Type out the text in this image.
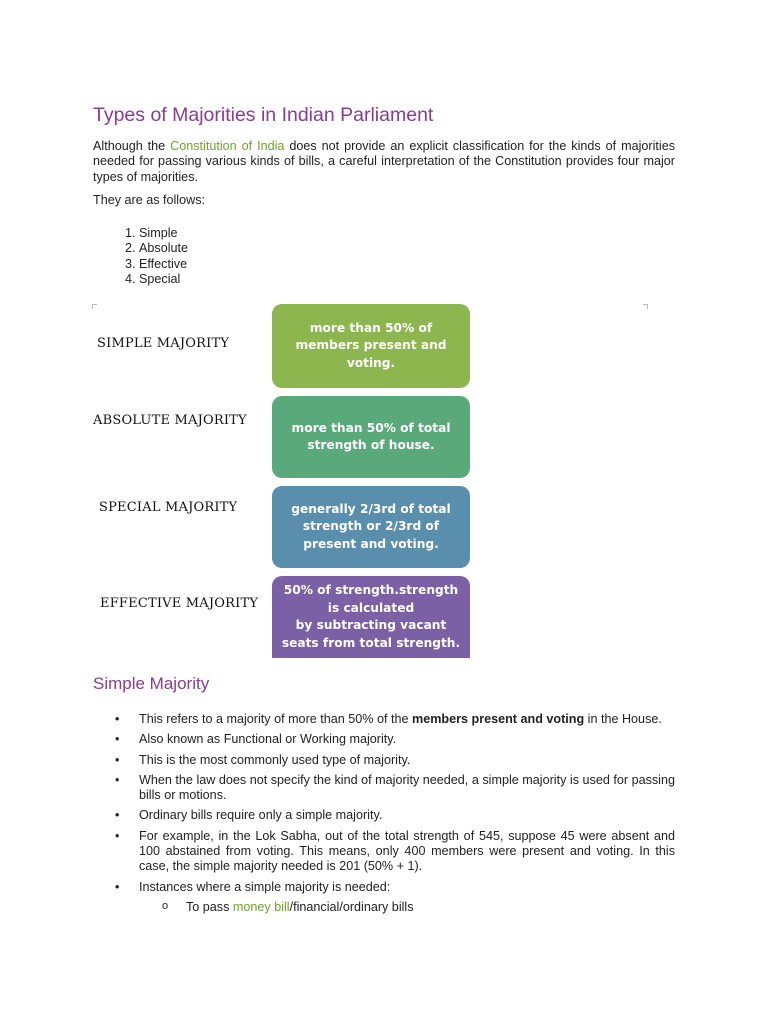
Types of Majorities in Indian Parliament
Although the Constitution of India does not provide an explicit classification for the kinds of majorities needed for passing various kinds of bills, a careful interpretation of the Constitution provides four major types of majorities.
They are as follows:
1. Simple
2. Absolute
3. Effective
4. Special
SIMPLE MAJORITY
more than 50% of
members present and
voting.
ABSOLUTE MAJORITY	more than 50% of total
strength of house.
SPECIAL MAJORITY	generally 2/3rd of total
strength or 2/3rd of
present and voting.
EFFECTIVE MAJORITY
50% of strength.strength
is calculated
by subtracting vacant
seats from total strength.
Simple Majority
• This refers to a majority of more than 50% of the members present and voting in the House.
• Also known as Functional or Working majority.
• This is the most commonly used type of majority.
• When the law does not specify the kind of majority needed, a simple majority is used for passing bills or motions.
• Ordinary bills require only a simple majority.
• For example, in the Lok Sabha, out of the total strength of 545, suppose 45 were absent and 100 abstained from voting. This means, only 400 members were present and voting. In this case, the simple majority needed is 201 (50% + 1).
• Instances where a simple majority is needed:
o To pass money bill/financial/ordinary bills
